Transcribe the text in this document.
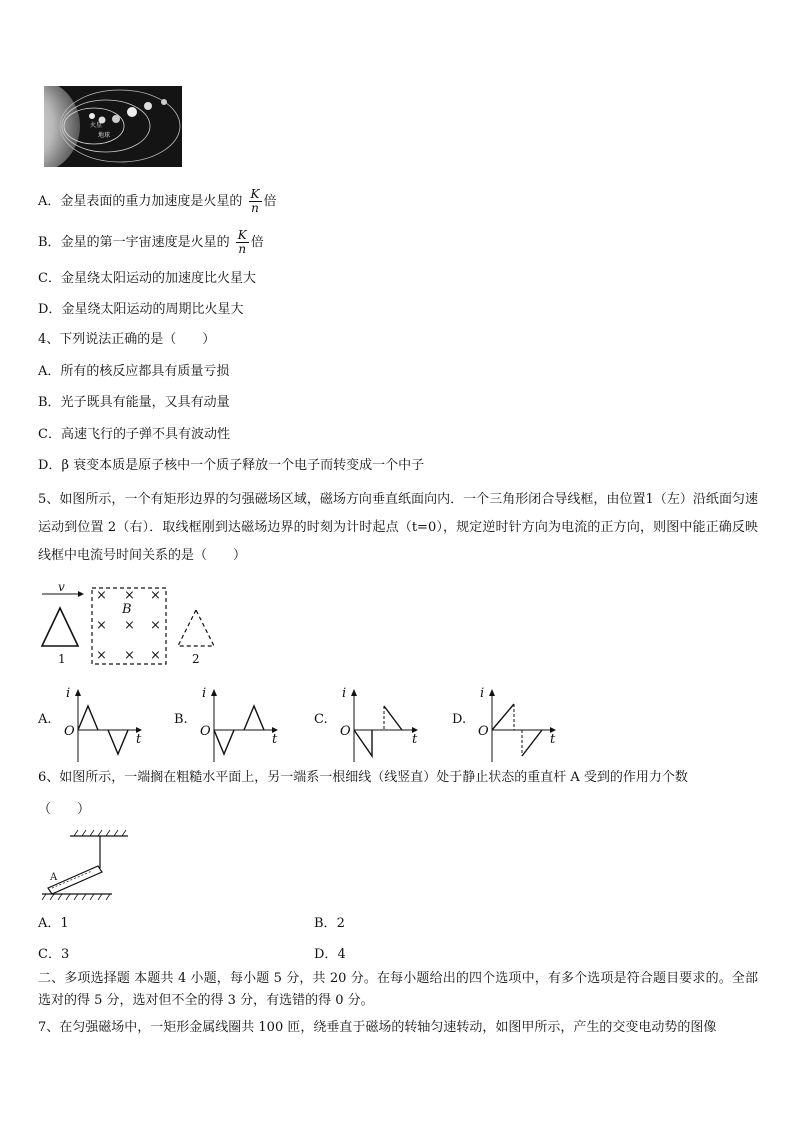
火星
地球
A．金星表面的重力加速度是火星的 $\frac{K}{n}$ 倍
B．金星的第一宇宙速度是火星的 $\frac{K}{n}$ 倍
C．金星绕太阳运动的加速度比火星大
D．金星绕太阳运动的周期比火星大
4、下列说法正确的是（　　）
A．所有的核反应都具有质量亏损
B．光子既具有能量，又具有动量
C．高速飞行的子弹不具有波动性
D．β 衰变本质是原子核中一个质子释放一个电子而转变成一个中子
5、如图所示，一个有矩形边界的匀强磁场区域，磁场方向垂直纸面向内．一个三角形闭合导线框，由位置1（左）沿纸面匀速运动到位置 2（右）．取线框刚到达磁场边界的时刻为计时起点（t=0），规定逆时针方向为电流的正方向，则图中能正确反映线框中电流号时间关系的是（　　）
v
B
1	2
× × ×
× × ×
× × ×
A.
i
O
t
B.
i
O
t
C.
i
O
t
D.
i
O
t
6、如图所示，一端搁在粗糙水平面上，另一端系一根细线（线竖直）处于静止状态的重直杆 A 受到的作用力个数
（　　）
A
A．1	B．2
C．3	D．4
二、多项选择题 本题共 4 小题，每小题 5 分，共 20 分。在每小题给出的四个选项中，有多个选项是符合题目要求的。全部选对的得 5 分，选对但不全的得 3 分，有选错的得 0 分。
7、在匀强磁场中，一矩形金属线圈共 100 匝，绕垂直于磁场的转轴匀速转动，如图甲所示，产生的交变电动势的图像
